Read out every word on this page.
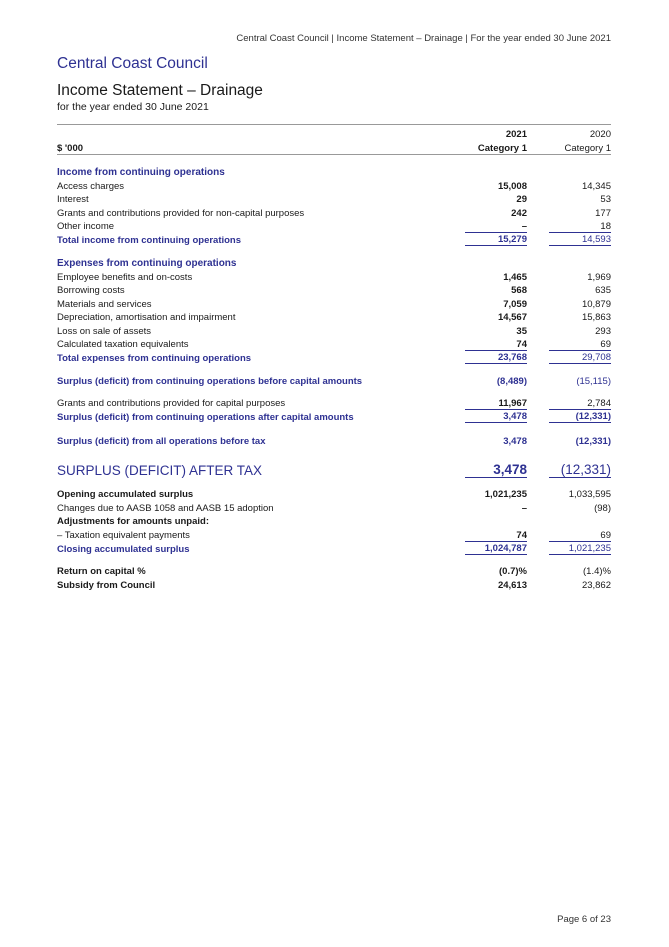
Central Coast Council | Income Statement – Drainage | For the year ended 30 June 2021
Central Coast Council
Income Statement – Drainage
for the year ended 30 June 2021
	2021	2020
$ '000	Category 1	Category 1

Income from continuing operations		
Access charges	15,008	14,345
Interest	29	53
Grants and contributions provided for non-capital purposes	242	177
Other income	–	18
Total income from continuing operations	15,279	14,593

Expenses from continuing operations		
Employee benefits and on-costs	1,465	1,969
Borrowing costs	568	635
Materials and services	7,059	10,879
Depreciation, amortisation and impairment	14,567	15,863
Loss on sale of assets	35	293
Calculated taxation equivalents	74	69
Total expenses from continuing operations	23,768	29,708

Surplus (deficit) from continuing operations before capital amounts	(8,489)	(15,115)

Grants and contributions provided for capital purposes	11,967	2,784
Surplus (deficit) from continuing operations after capital amounts	3,478	(12,331)

Surplus (deficit) from all operations before tax	3,478	(12,331)

SURPLUS (DEFICIT) AFTER TAX	3,478	(12,331)

Opening accumulated surplus	1,021,235	1,033,595
Changes due to AASB 1058 and AASB 15 adoption	–	(98)
Adjustments for amounts unpaid:		
– Taxation equivalent payments	74	69
Closing accumulated surplus	1,024,787	1,021,235

Return on capital %	(0.7)%	(1.4)%
Subsidy from Council	24,613	23,862
Page 6 of 23
